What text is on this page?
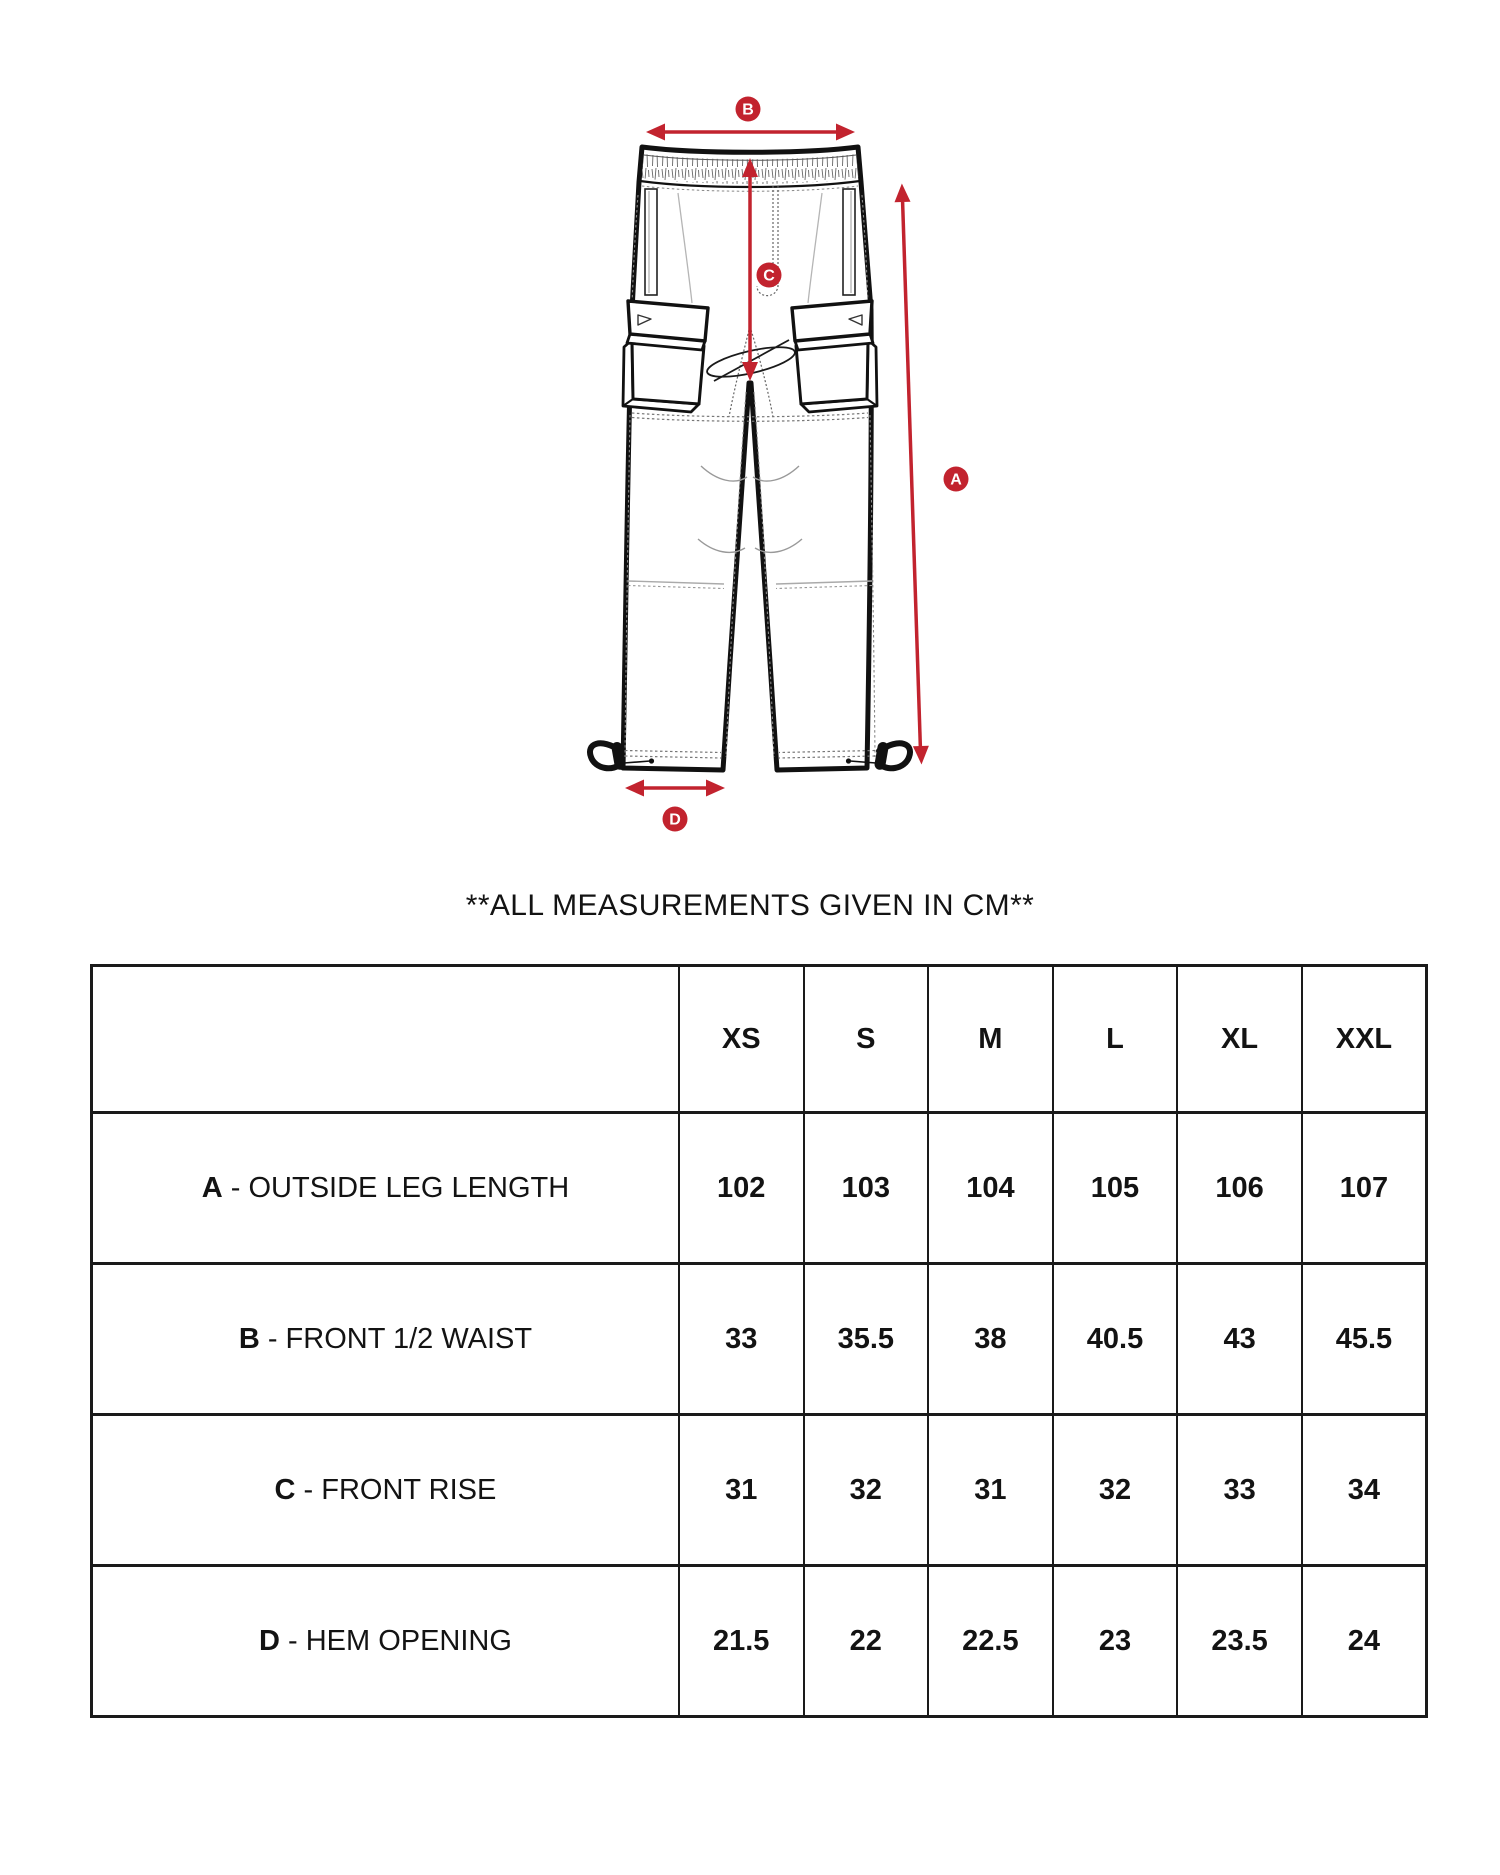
B
C
A
D
**ALL MEASUREMENTS GIVEN IN CM**
	XS	S	M	L	XL	XXL
A - OUTSIDE LEG LENGTH	102	103	104	105	106	107
B - FRONT 1/2 WAIST	33	35.5	38	40.5	43	45.5
C - FRONT RISE	31	32	31	32	33	34
D - HEM OPENING	21.5	22	22.5	23	23.5	24
